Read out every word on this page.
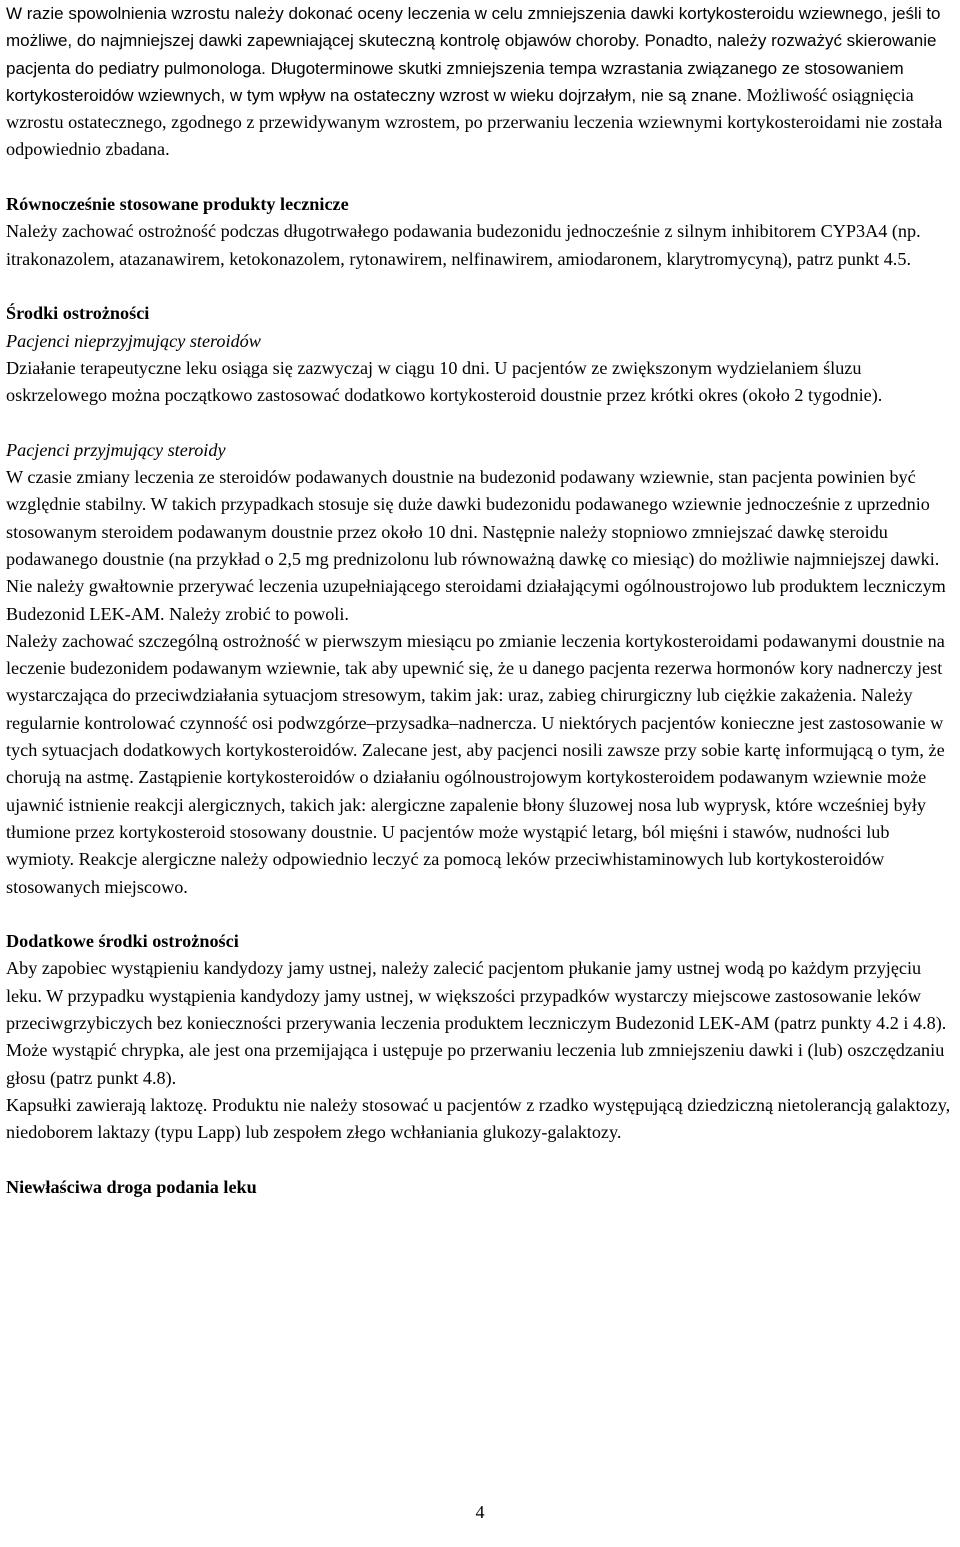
W razie spowolnienia wzrostu należy dokonać oceny leczenia w celu zmniejszenia dawki kortykosteroidu wziewnego, jeśli to możliwe, do najmniejszej dawki zapewniającej skuteczną kontrolę objawów choroby. Ponadto, należy rozważyć skierowanie pacjenta do pediatry pulmonologa. Długoterminowe skutki zmniejszenia tempa wzrastania związanego ze stosowaniem kortykosteroidów wziewnych, w tym wpływ na ostateczny wzrost w wieku dojrzałym, nie są znane. Możliwość osiągnięcia wzrostu ostatecznego, zgodnego z przewidywanym wzrostem, po przerwaniu leczenia wziewnymi kortykosteroidami nie została odpowiednio zbadana.

Równocześnie stosowane produkty lecznicze

Należy zachować ostrożność podczas długotrwałego podawania budezonidu jednocześnie z silnym inhibitorem CYP3A4 (np. itrakonazolem, atazanawirem, ketokonazolem, rytonawirem, nelfinawirem, amiodaronem, klarytromycyną), patrz punkt 4.5.

Środki ostrożności
Pacjenci nieprzyjmujący steroidów

Działanie terapeutyczne leku osiąga się zazwyczaj w ciągu 10 dni. U pacjentów ze zwiększonym wydzielaniem śluzu oskrzelowego można początkowo zastosować dodatkowo kortykosteroid doustnie przez krótki okres (około 2 tygodnie).

Pacjenci przyjmujący steroidy

W czasie zmiany leczenia ze steroidów podawanych doustnie na budezonid podawany wziewnie, stan pacjenta powinien być względnie stabilny. W takich przypadkach stosuje się duże dawki budezonidu podawanego wziewnie jednocześnie z uprzednio stosowanym steroidem podawanym doustnie przez około 10 dni. Następnie należy stopniowo zmniejszać dawkę steroidu podawanego doustnie (na przykład o 2,5 mg prednizolonu lub równoważną dawkę co miesiąc) do możliwie najmniejszej dawki. Nie należy gwałtownie przerywać leczenia uzupełniającego steroidami działającymi ogólnoustrojowo lub produktem leczniczym Budezonid LEK-AM. Należy zrobić to powoli.

Należy zachować szczególną ostrożność w pierwszym miesiącu po zmianie leczenia kortykosteroidami podawanymi doustnie na leczenie budezonidem podawanym wziewnie, tak aby upewnić się, że u danego pacjenta rezerwa hormonów kory nadnerczy jest wystarczająca do przeciwdziałania sytuacjom stresowym, takim jak: uraz, zabieg chirurgiczny lub ciężkie zakażenia. Należy regularnie kontrolować czynność osi podwzgórze–przysadka–nadnercza. U niektórych pacjentów konieczne jest zastosowanie w tych sytuacjach dodatkowych kortykosteroidów. Zalecane jest, aby pacjenci nosili zawsze przy sobie kartę informującą o tym, że chorują na astmę. Zastąpienie kortykosteroidów o działaniu ogólnoustrojowym kortykosteroidem podawanym wziewnie może ujawnić istnienie reakcji alergicznych, takich jak: alergiczne zapalenie błony śluzowej nosa lub wyprysk, które wcześniej były tłumione przez kortykosteroid stosowany doustnie. U pacjentów może wystąpić letarg, ból mięśni i stawów, nudności lub wymioty. Reakcje alergiczne należy odpowiednio leczyć za pomocą leków przeciwhistaminowych lub kortykosteroidów stosowanych miejscowo.

Dodatkowe środki ostrożności

Aby zapobiec wystąpieniu kandydozy jamy ustnej, należy zalecić pacjentom płukanie jamy ustnej wodą po każdym przyjęciu leku. W przypadku wystąpienia kandydozy jamy ustnej, w większości przypadków wystarczy miejscowe zastosowanie leków przeciwgrzybiczych bez konieczności przerywania leczenia produktem leczniczym Budezonid LEK-AM (patrz punkty 4.2 i 4.8).

Może wystąpić chrypka, ale jest ona przemijająca i ustępuje po przerwaniu leczenia lub zmniejszeniu dawki i (lub) oszczędzaniu głosu (patrz punkt 4.8).

Kapsułki zawierają laktozę. Produktu nie należy stosować u pacjentów z rzadko występującą dziedziczną nietolerancją galaktozy, niedoborem laktazy (typu Lapp) lub zespołem złego wchłaniania glukozy-galaktozy.

Niewłaściwa droga podania leku
4
